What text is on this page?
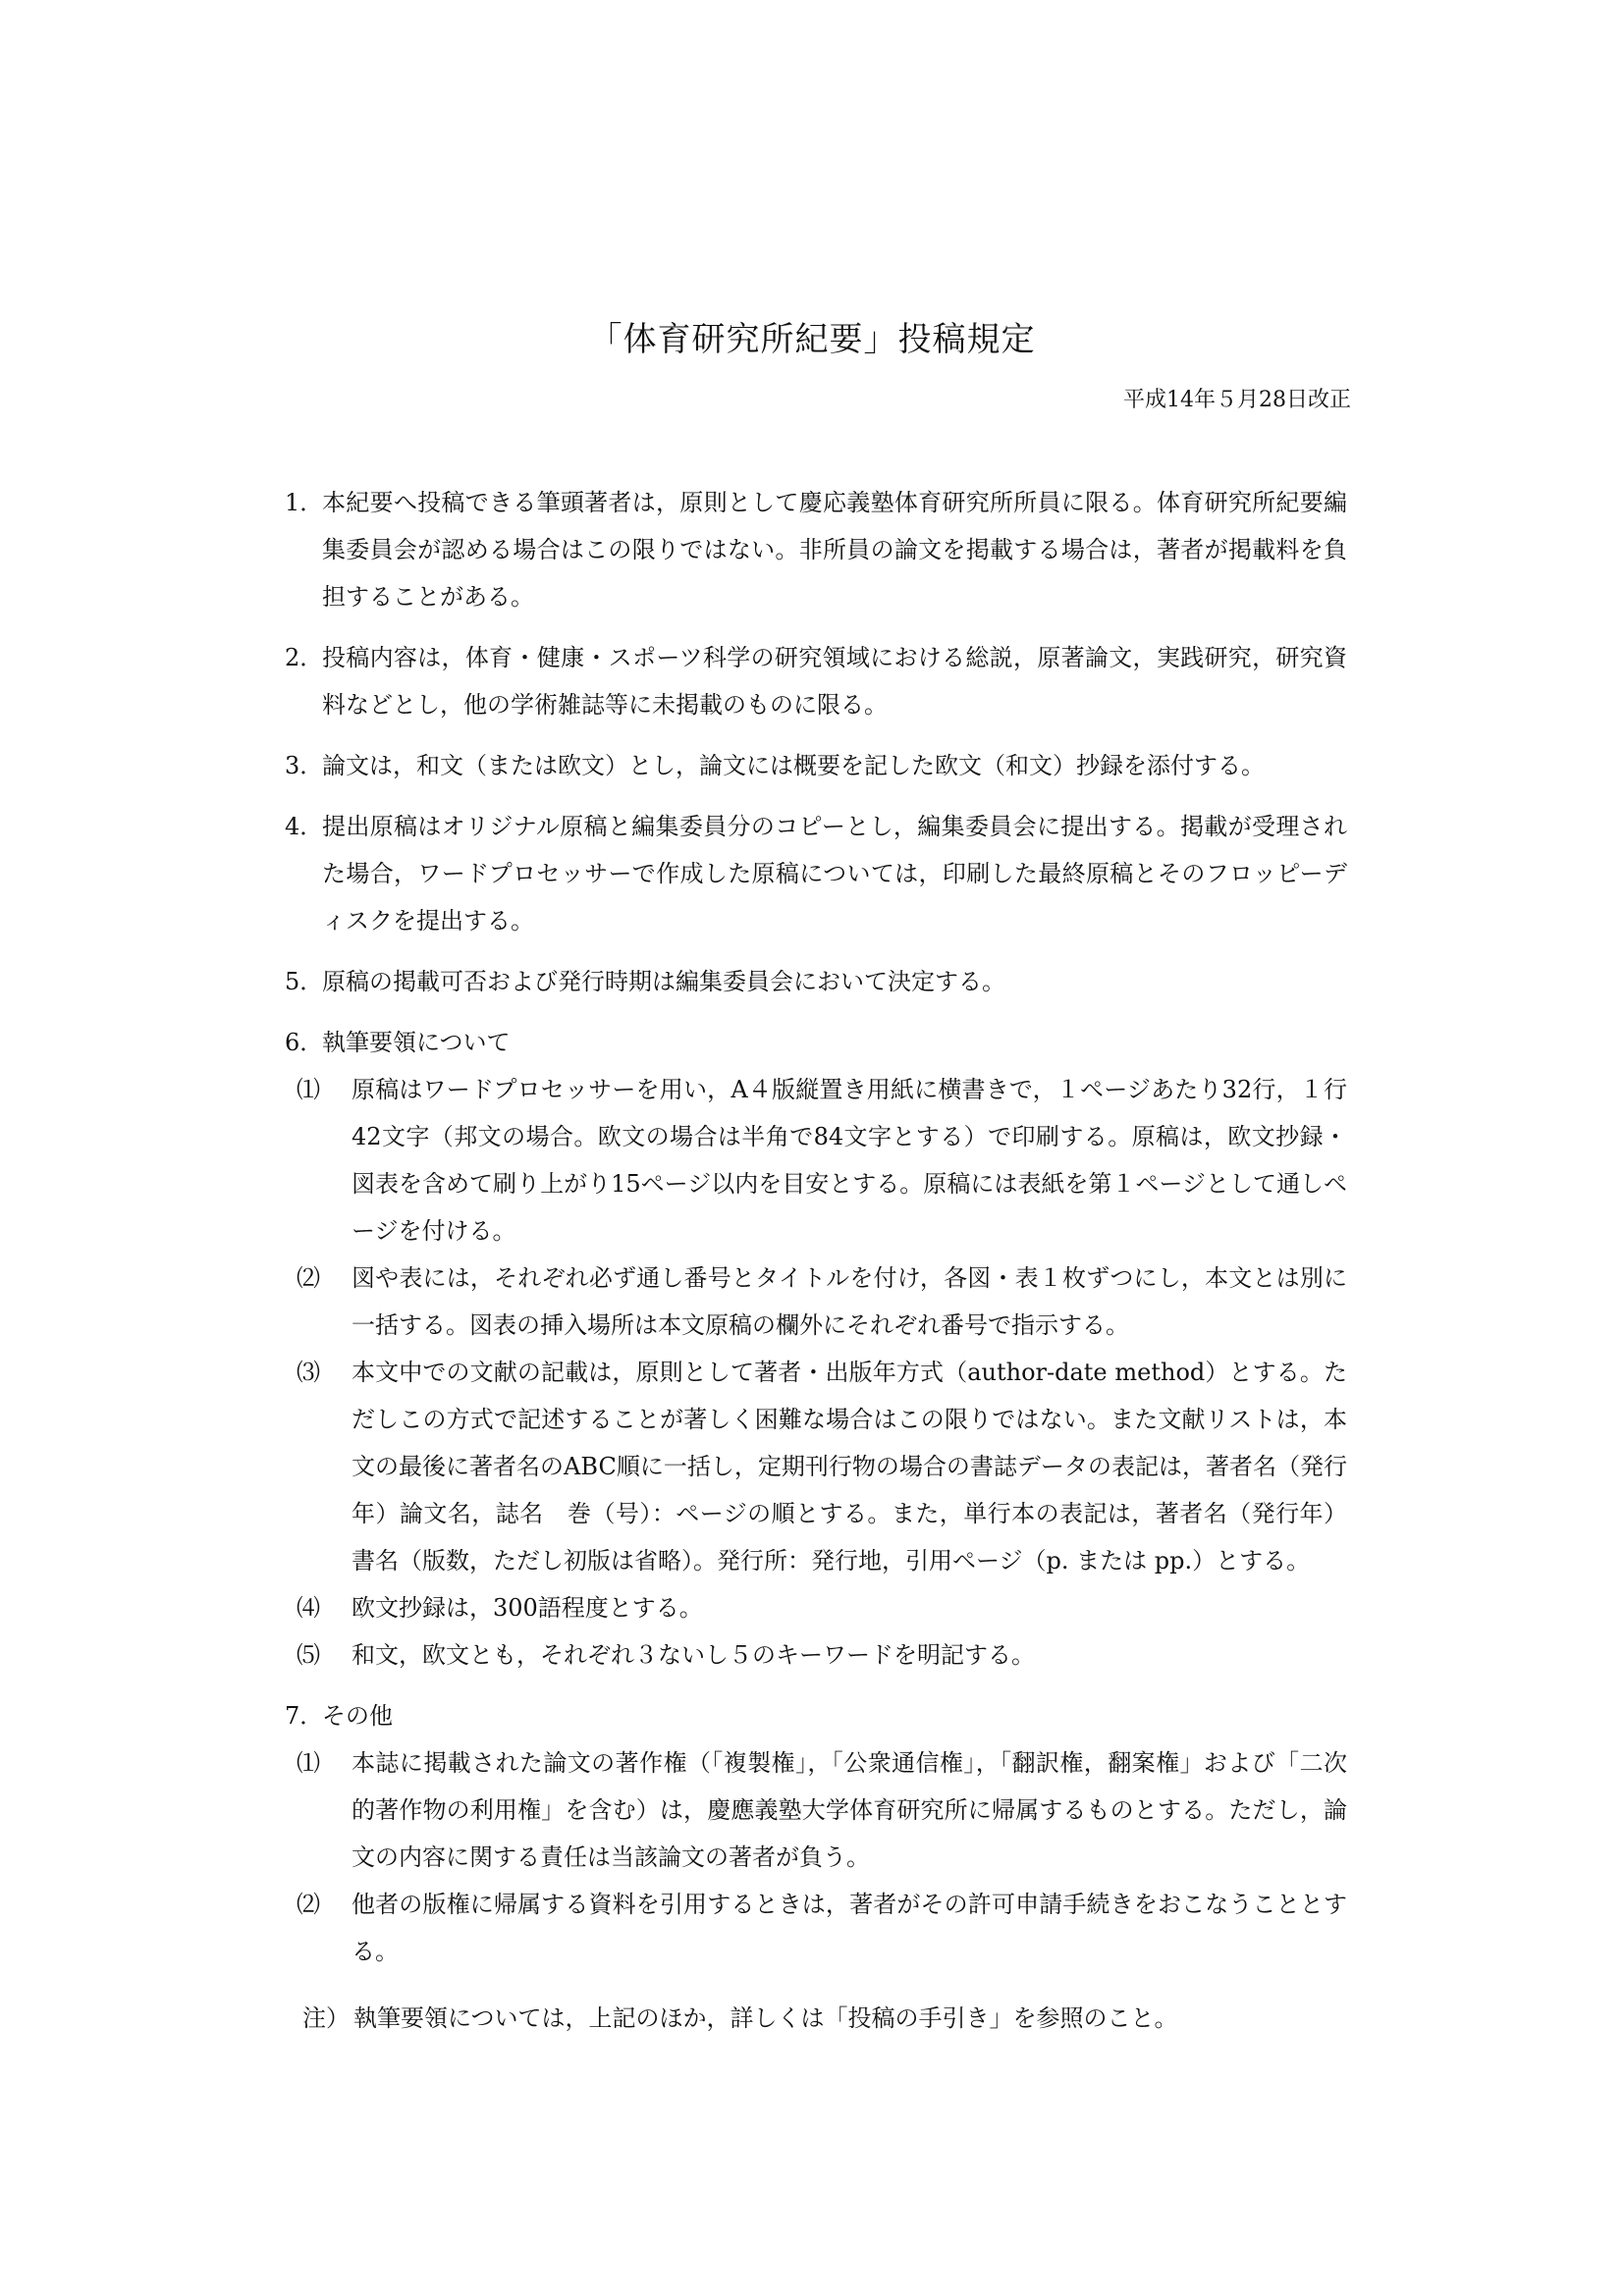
「体育研究所紀要」投稿規定
平成14年５月28日改正
1．
本紀要へ投稿できる筆頭著者は，原則として慶応義塾体育研究所所員に限る。体育研究所紀要編集委員会が認める場合はこの限りではない。非所員の論文を掲載する場合は，著者が掲載料を負担することがある。
2．
投稿内容は，体育・健康・スポーツ科学の研究領域における総説，原著論文，実践研究，研究資料などとし，他の学術雑誌等に未掲載のものに限る。
3．
論文は，和文（または欧文）とし，論文には概要を記した欧文（和文）抄録を添付する。
4．
提出原稿はオリジナル原稿と編集委員分のコピーとし，編集委員会に提出する。掲載が受理された場合，ワードプロセッサーで作成した原稿については，印刷した最終原稿とそのフロッピーディスクを提出する。
5．
原稿の掲載可否および発行時期は編集委員会において決定する。
6．
執筆要領について
⑴	原稿はワードプロセッサーを用い，A４版縦置き用紙に横書きで，１ページあたり32行，１行42文字（邦文の場合。欧文の場合は半角で84文字とする）で印刷する。原稿は，欧文抄録・図表を含めて刷り上がり15ページ以内を目安とする。原稿には表紙を第１ページとして通しページを付ける。
⑵	図や表には，それぞれ必ず通し番号とタイトルを付け，各図・表１枚ずつにし，本文とは別に一括する。図表の挿入場所は本文原稿の欄外にそれぞれ番号で指示する。
⑶	本文中での文献の記載は，原則として著者・出版年方式（author-date method）とする。ただしこの方式で記述することが著しく困難な場合はこの限りではない。また文献リストは，本文の最後に著者名のABC順に一括し，定期刊行物の場合の書誌データの表記は，著者名（発行年）論文名，誌名　巻（号）：ページの順とする。また，単行本の表記は，著者名（発行年）書名（版数，ただし初版は省略）。発行所：発行地，引用ページ（p. または pp.）とする。
⑷	欧文抄録は，300語程度とする。
⑸	和文，欧文とも，それぞれ３ないし５のキーワードを明記する。
7．
その他
⑴	本誌に掲載された論文の著作権（「複製権」，「公衆通信権」，「翻訳権，翻案権」および「二次的著作物の利用権」を含む）は，慶應義塾大学体育研究所に帰属するものとする。ただし，論文の内容に関する責任は当該論文の著者が負う。
⑵	他者の版権に帰属する資料を引用するときは，著者がその許可申請手続きをおこなうこととする。
注） 執筆要領については，上記のほか，詳しくは「投稿の手引き」を参照のこと。
